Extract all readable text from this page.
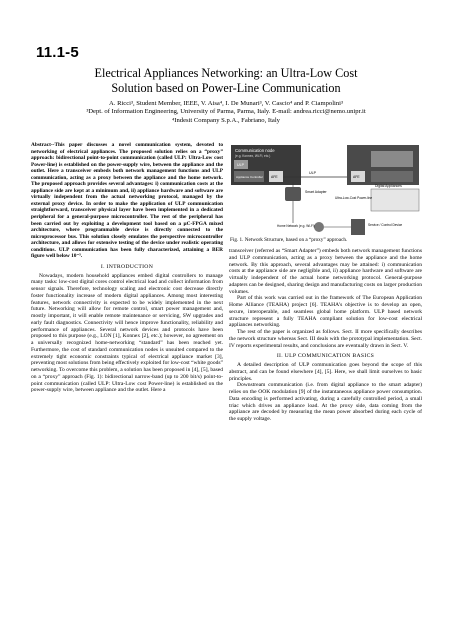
11.1-5
Electrical Appliances Networking: an Ultra-Low Cost
Solution based on Power-Line Communication
A. Ricci³, Student Member, IEEE, V. Aisa⁴, I. De Munari³, V. Cascio⁴ and P. Ciampolini³
³Dept. of Information Engineering, University of Parma, Parma, Italy. E-mail: andrea.ricci@nemo.unipr.it
⁴Indesit Company S.p.A., Fabriano, Italy

Abstract--This paper discusses a novel communication system, devoted to networking of electrical appliances. The proposed solution relies on a “proxy” approach: bidirectional point-to-point communication (called ULP: Ultra-Low cost Power-line) is established on the power-supply wire, between the appliance and the outlet. Here a transceiver embeds both network management functions and ULP communication, acting as a proxy between the appliance and the home network. The proposed approach provides several advantages: i) communication costs at the appliance side are kept at a minimum and, ii) appliance hardware and software are virtually independent from the actual networking protocol, managed by the external proxy device. In order to make the application of ULP communication straightforward, transceiver physical layer have been implemented in a dedicated peripheral for a general-purpose microcontroller. The rest of the peripheral has been carried out by exploiting a development tool based on a µC-FPGA mixed architecture, where programmable device is directly connected to the microprocessor bus. This solution closely emulates the perspective microcontroller architecture, and allows for extensive testing of the device under realistic operating conditions. ULP communication has been fully characterized, attaining a BER figure well below 10⁻⁵.

I. INTRODUCTION

Nowadays, modern household appliances embed digital controllers to manage many tasks: low-cost digital cores control electrical load and collect information from sensor signals. Therefore, technology scaling and electronic cost decrease directly foster functionality increase of modern digital appliances. Among most interesting features, network connectivity is expected to be widely implemented in the next future. Networking will allow for remote control, smart power management and, mostly important, it will enable remote maintenance or servicing, SW upgrades and early fault diagnostics. Connectivity will hence improve functionality, reliability and performance of appliances. Several network devices and protocols have been proposed to this purpose (e.g., LON [1], Konnex [2], etc.); however, no agreement on a universally recognized home-networking “standard” has been reached yet. Furthermore, the cost of standard communication nodes is unsuited compared to the extremely tight economic constraints typical of electrical appliance market [3], preventing most solutions from being effectively exploited for low-cost “white goods” networking. To overcome this problem, a solution has been proposed in [4], [5], based on a “proxy” approach (Fig. 1): bidirectional narrow-band (up to 200 bit/s) point-to-point communication (called ULP: Ultra-Low cost Power-line) is established on the power-supply wire, between appliance and the outlet. Here a

Communication node
(e.g. Konnex, Wi-Fi, etc.)
ULP
Appliance Controller AFE
ULP
AFE
Smart Adapter
Digital Appliances
Ultra-Low-Cost Power-line
Home Network (e.g. Wi-Fi)	Service / Control Device
Fig. 1. Network Structure, based on a “proxy” approach.

transceiver (referred as “Smart Adapter”) embeds both network management functions and ULP communication, acting as a proxy between the appliance and the home network. By this approach, several advantages may be attained: i) communication costs at the appliance side are negligible and, ii) appliance hardware and software are virtually independent of the actual home networking protocol. General-purpose adapters can be designed, sharing design and manufacturing costs on larger production volumes.

Part of this work was carried out in the framework of The European Application Home Alliance (TEAHA) project [6]. TEAHA’s objective is to develop an open, secure, interoperable, and seamless global home platform. ULP based network structure represent a fully TEAHA compliant solution for low-cost electrical appliances networking.

The rest of the paper is organized as follows. Sect. II more specifically describes the network structure whereas Sect. III deals with the prototypal implementation. Sect. IV reports experimental results, and conclusions are eventually drawn in Sect. V.

II. ULP COMMUNICATION BASICS

A detailed description of ULP communication goes beyond the scope of this abstract, and can be found elsewhere [4], [5]. Here, we shall limit ourselves to basic principles.

Downstream communication (i.e. from digital appliance to the smart adapter) relies on the OOK modulation [9] of the instantaneous appliance power consumption. Data encoding is performed activating, during a carefully controlled period, a small triac which drives an appliance load. At the proxy side, data coming from the appliance are decoded by measuring the mean power absorbed during each cycle of the supply voltage.
